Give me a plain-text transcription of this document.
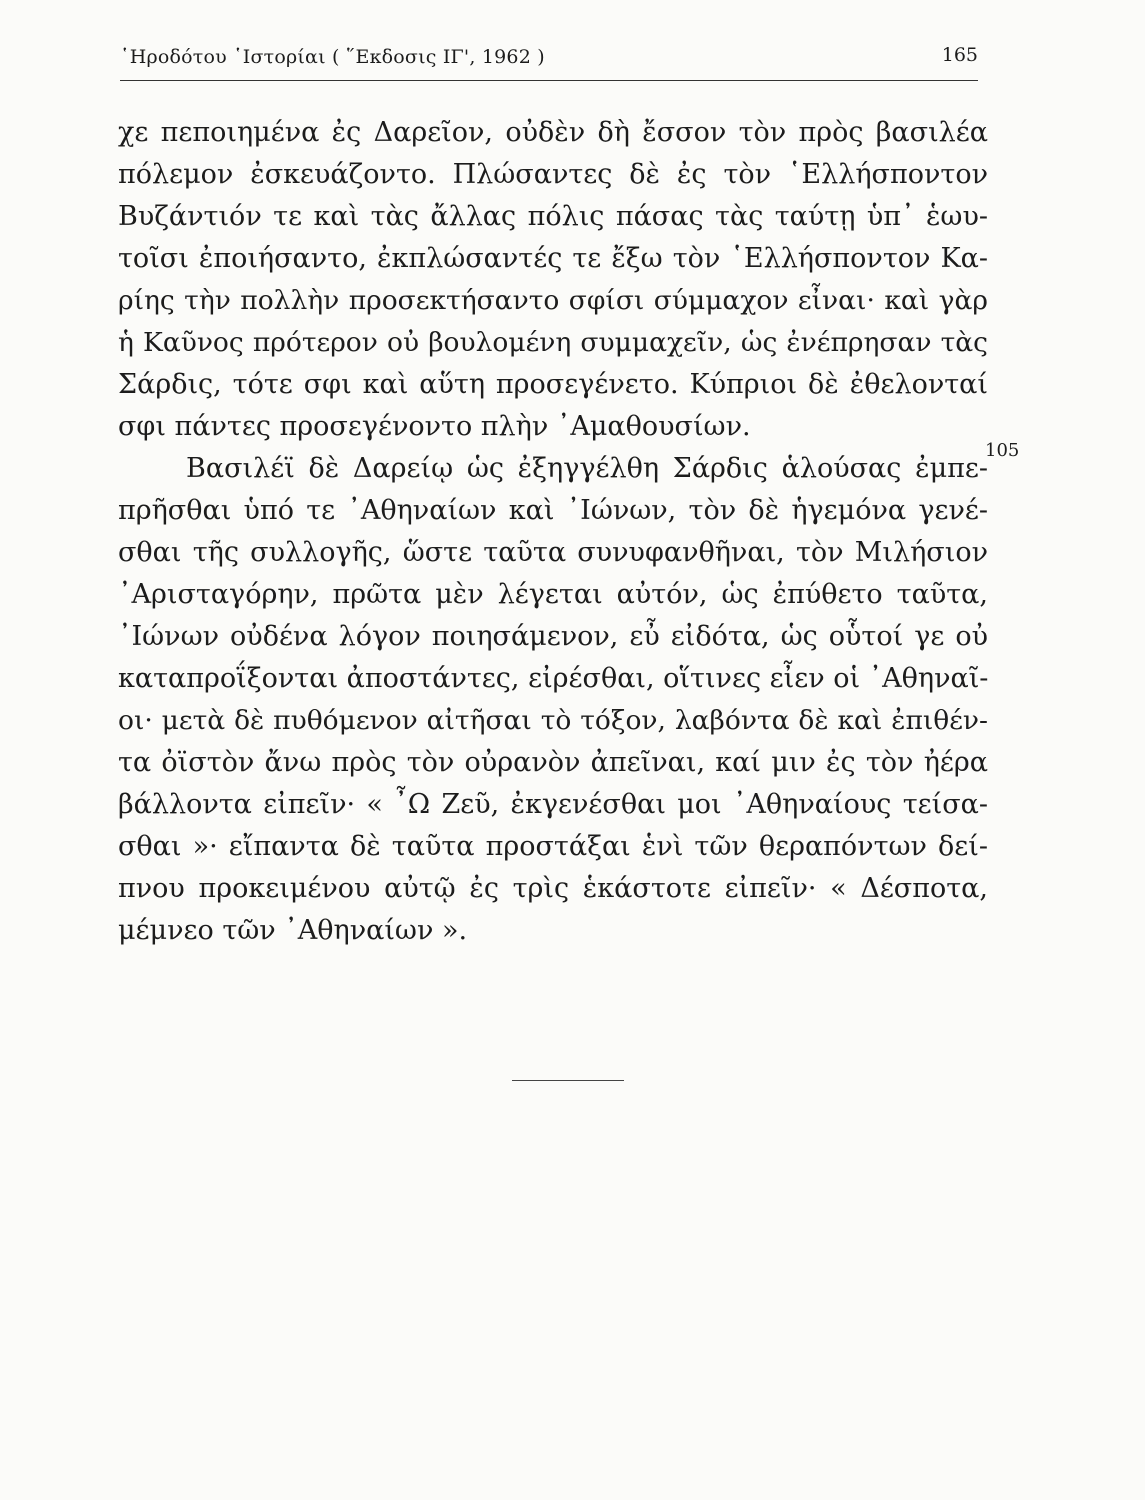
῾Ηροδότου ῾Ιστορίαι ( ῞Εκδοσις ΙΓ', 1962 )	165
χε πεποιημένα ἐς Δαρεῖον, οὐδὲν δὴ ἔσσον τὸν πρὸς βασιλέα
πόλεμον ἐσκευάζοντο. Πλώσαντες δὲ ἐς τὸν ῾Ελλήσποντον
Βυζάντιόν τε καὶ τὰς ἄλλας πόλις πάσας τὰς ταύτῃ ὑπ᾽ ἑωυ-
τοῖσι ἐποιήσαντο, ἐκπλώσαντές τε ἔξω τὸν ῾Ελλήσποντον Κα-
ρίης τὴν πολλὴν προσεκτήσαντο σφίσι σύμμαχον εἶναι· καὶ γὰρ
ἡ Καῦνος πρότερον οὐ βουλομένη συμμαχεῖν, ὡς ἐνέπρησαν τὰς
Σάρδις, τότε σφι καὶ αὕτη προσεγένετο. Κύπριοι δὲ ἐθελονταί
σφι πάντες προσεγένοντο πλὴν ᾿Αμαθουσίων.
Βασιλέϊ δὲ Δαρείῳ ὡς ἐξηγγέλθη Σάρδις ἁλούσας ἐμπε-
πρῆσθαι ὑπό τε ᾿Αθηναίων καὶ ᾿Ιώνων, τὸν δὲ ἡγεμόνα γενέ-
σθαι τῆς συλλογῆς, ὥστε ταῦτα συνυφανθῆναι, τὸν Μιλήσιον
᾿Αρισταγόρην, πρῶτα μὲν λέγεται αὐτόν, ὡς ἐπύθετο ταῦτα,
᾿Ιώνων οὐδένα λόγον ποιησάμενον, εὖ εἰδότα, ὡς οὗτοί γε οὐ
καταπροΐξονται ἀποστάντες, εἰρέσθαι, οἵτινες εἶεν οἱ ᾿Αθηναῖ-
οι· μετὰ δὲ πυθόμενον αἰτῆσαι τὸ τόξον, λαβόντα δὲ καὶ ἐπιθέν-
τα ὀϊστὸν ἄνω πρὸς τὸν οὐρανὸν ἀπεῖναι, καί μιν ἐς τὸν ἠέρα
βάλλοντα εἰπεῖν· « ῏Ω Ζεῦ, ἐκγενέσθαι μοι ᾿Αθηναίους τείσα-
σθαι »· εἴπαντα δὲ ταῦτα προστάξαι ἑνὶ τῶν θεραπόντων δεί-
πνου προκειμένου αὐτῷ ἐς τρὶς ἑκάστοτε εἰπεῖν· « Δέσποτα,
μέμνεο τῶν ᾿Αθηναίων ».
105
